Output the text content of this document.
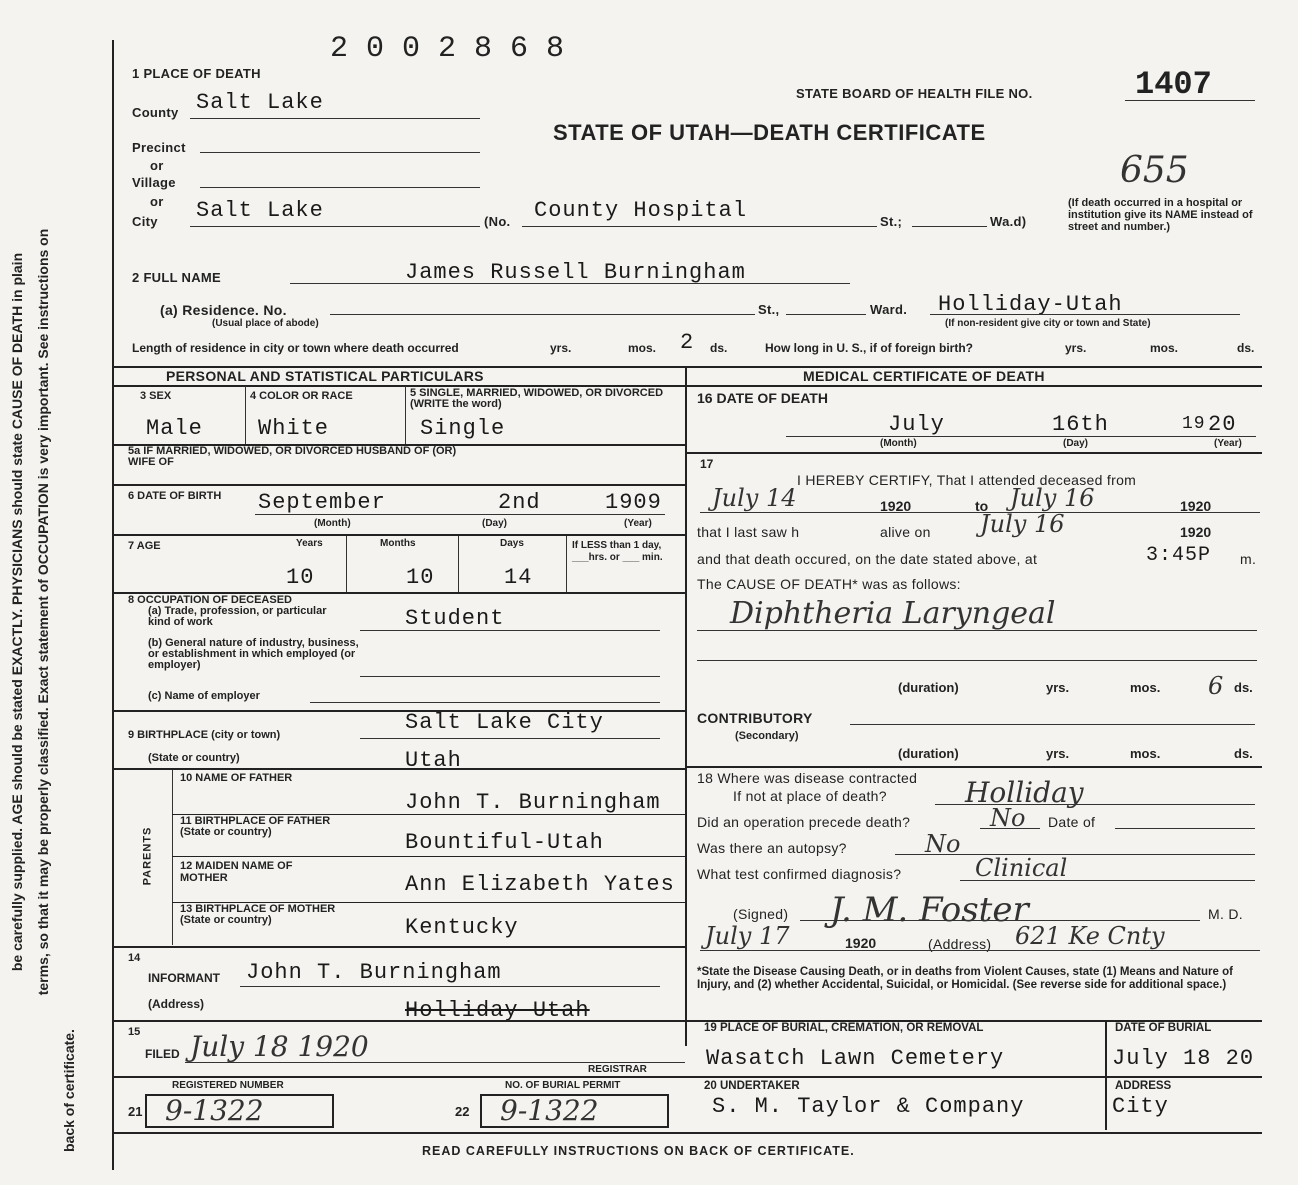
be carefully supplied. AGE should be stated EXACTLY. PHYSICIANS should state CAUSE OF DEATH in plain terms, so that it may be properly classified. Exact statement of OCCUPATION is very important. See instructions on
back of certificate.
2 0 0 2 8 6 8
1 PLACE OF DEATH
STATE BOARD OF HEALTH FILE NO.	1407
STATE OF UTAH—DEATH CERTIFICATE
655
County Salt Lake
Precinct
or
Village
or
City Salt Lake	(No. County Hospital	St.;	Wa.d)
(If death occurred in a hospital or institution give its NAME instead of street and number.)
2 FULL NAME	James Russell Burningham
(a) Residence. No.
(Usual place of abode)
St.,	Ward. Holliday-Utah
(If non-resident give city or town and State)
Length of residence in city or town where death occurred	yrs.	mos. 2 ds.	How long in U. S., if of foreign birth?	yrs.	mos.	ds.
PERSONAL AND STATISTICAL PARTICULARS	MEDICAL CERTIFICATE OF DEATH
3 SEX	4 COLOR OR RACE	5 SINGLE, MARRIED, WIDOWED, OR DIVORCED (WRITE the word)
Male	White	Single
5a IF MARRIED, WIDOWED, OR DIVORCED HUSBAND OF (OR) WIFE OF
6 DATE OF BIRTH September	2nd	1909
(Month)	(Day)	(Year)
7 AGE	Years	Months	Days	If LESS than 1 day, ___hrs. or ___ min.
10	10	14
8 OCCUPATION OF DECEASED
(a) Trade, profession, or particular kind of work	Student
(b) General nature of industry, business, or establishment in which employed (or employer)
(c) Name of employer
9 BIRTHPLACE (city or town)	Salt Lake City
(State or country)	Utah
PARENTS
10 NAME OF FATHER
John T. Burningham
11 BIRTHPLACE OF FATHER (State or country)	Bountiful-Utah
12 MAIDEN NAME OF MOTHER	Ann Elizabeth Yates
13 BIRTHPLACE OF MOTHER (State or country)	Kentucky
14
INFORMANT John T. Burningham
(Address)	Holliday-Utah
15
FILED July 18 1920
REGISTRAR
REGISTERED NUMBER	NO. OF BURIAL PERMIT
21 9-1322	22 9-1322
16 DATE OF DEATH
July	16th	19 20
(Month)	(Day)	(Year)
17
I HEREBY CERTIFY, That I attended deceased from
July 14	1920	to July 16	1920
that I last saw h	alive on July 16	1920
and that death occured, on the date stated above, at	3:45P m.
The CAUSE OF DEATH* was as follows:
Diphtheria Laryngeal
(duration)	yrs.	mos. 6 ds.
CONTRIBUTORY
(Secondary)
(duration)	yrs.	mos.	ds.
18 Where was disease contracted
If not at place of death?	Holliday
Did an operation precede death?	No Date of
Was there an autopsy?	No
What test confirmed diagnosis?	Clinical
(Signed) J. M. Foster	M. D.
July 17	1920	(Address) 621 Ke Cnty
*State the Disease Causing Death, or in deaths from Violent Causes, state (1) Means and Nature of Injury, and (2) whether Accidental, Suicidal, or Homicidal. (See reverse side for additional space.)
19 PLACE OF BURIAL, CREMATION, OR REMOVAL
Wasatch Lawn Cemetery
DATE OF BURIAL
July 18 20
20 UNDERTAKER
S. M. Taylor & Company
ADDRESS
City
READ CAREFULLY INSTRUCTIONS ON BACK OF CERTIFICATE.
